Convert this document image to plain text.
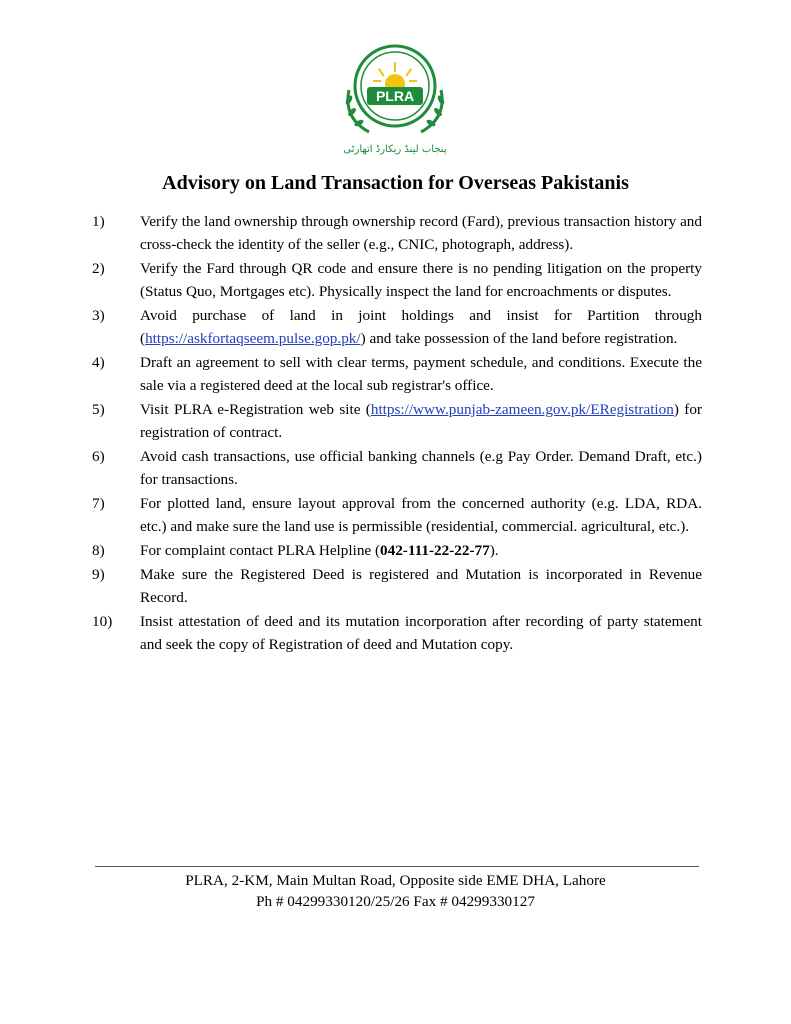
PLRA
پنجاب لینڈ ریکارڈ اتھارٹی
Advisory on Land Transaction for Overseas Pakistanis
1)	Verify the land ownership through ownership record (Fard), previous transaction history and cross-check the identity of the seller (e.g., CNIC, photograph, address).
2)	Verify the Fard through QR code and ensure there is no pending litigation on the property (Status Quo, Mortgages etc). Physically inspect the land for encroachments or disputes.
3)	Avoid purchase of land in joint holdings and insist for Partition through (https://askfortaqseem.pulse.gop.pk/) and take possession of the land before registration.
4)	Draft an agreement to sell with clear terms, payment schedule, and conditions. Execute the sale via a registered deed at the local sub registrar's office.
5)	Visit PLRA e-Registration web site (https://www.punjab-zameen.gov.pk/ERegistration) for registration of contract.
6)	Avoid cash transactions, use official banking channels (e.g Pay Order. Demand Draft, etc.) for transactions.
7)	For plotted land, ensure layout approval from the concerned authority (e.g. LDA, RDA. etc.) and make sure the land use is permissible (residential, commercial. agricultural, etc.).
8)	For complaint contact PLRA Helpline (042-111-22-22-77).
9)	Make sure the Registered Deed is registered and Mutation is incorporated in Revenue Record.
10)	Insist attestation of deed and its mutation incorporation after recording of party statement and seek the copy of Registration of deed and Mutation copy.
PLRA, 2-KM, Main Multan Road, Opposite side EME DHA, Lahore
Ph # 04299330120/25/26 Fax # 04299330127
